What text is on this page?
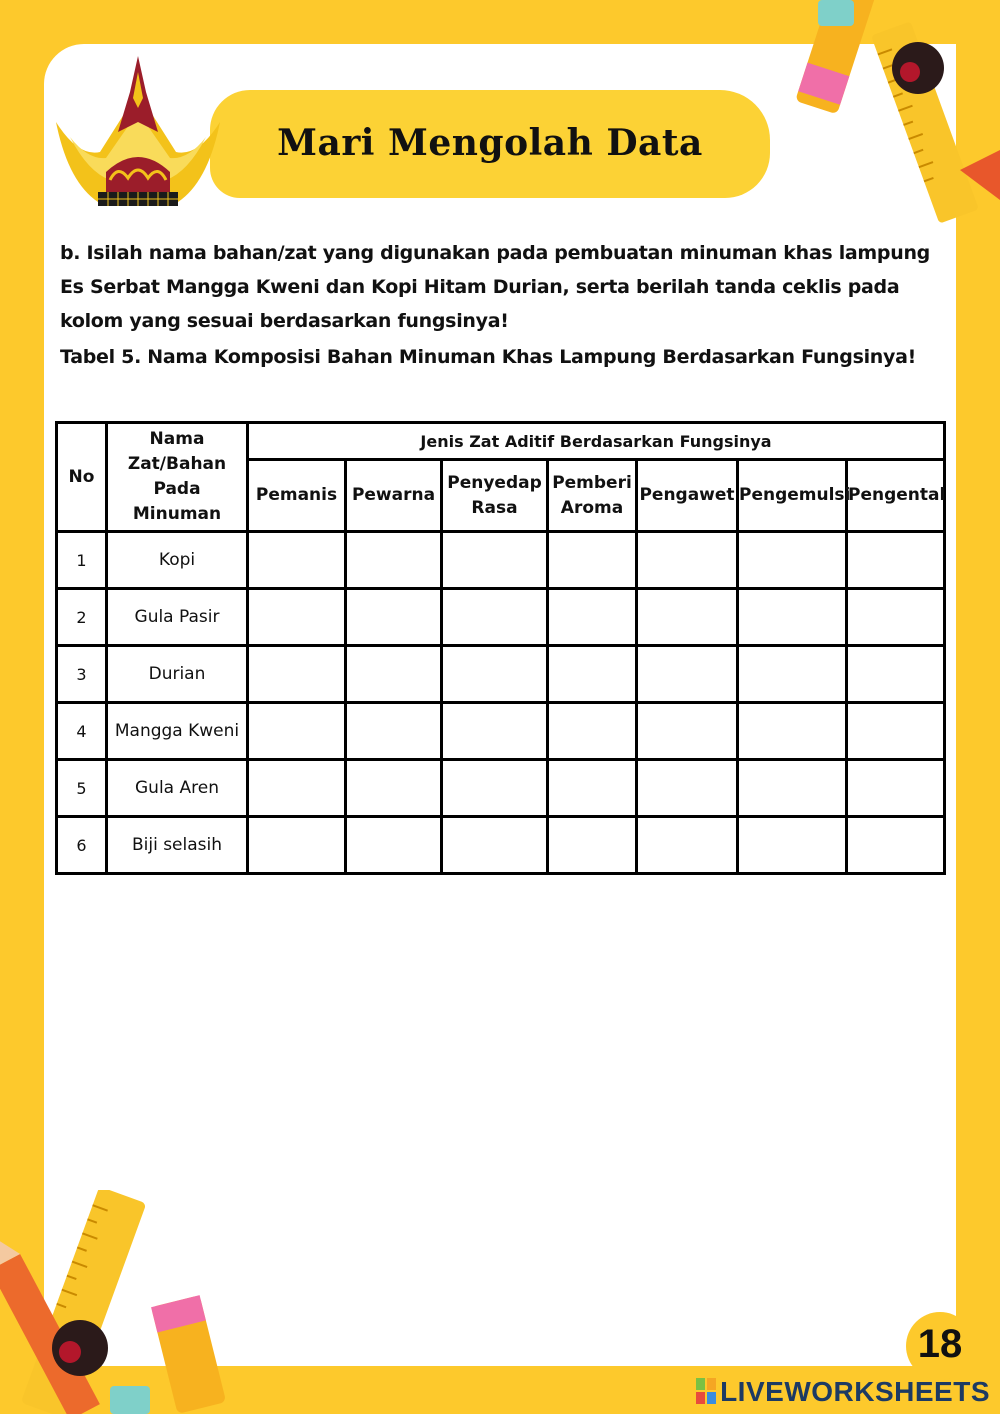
Mari Mengolah Data
b. Isilah nama bahan/zat yang digunakan pada pembuatan minuman khas lampung Es Serbat Mangga Kweni dan Kopi Hitam Durian, serta berilah tanda ceklis pada kolom yang sesuai berdasarkan fungsinya!
Tabel 5. Nama Komposisi Bahan Minuman Khas Lampung Berdasarkan Fungsinya!
No	Nama Zat/Bahan Pada Minuman	Jenis Zat Aditif Berdasarkan Fungsinya						
		Pemanis	Pewarna	Penyedap Rasa	Pemberi Aroma	Pengawet	Pengemulsi	Pengental
1	Kopi							
2	Gula Pasir							
3	Durian							
4	Mangga Kweni							
5	Gula Aren							
6	Biji selasih							
18
LIVEWORKSHEETS
